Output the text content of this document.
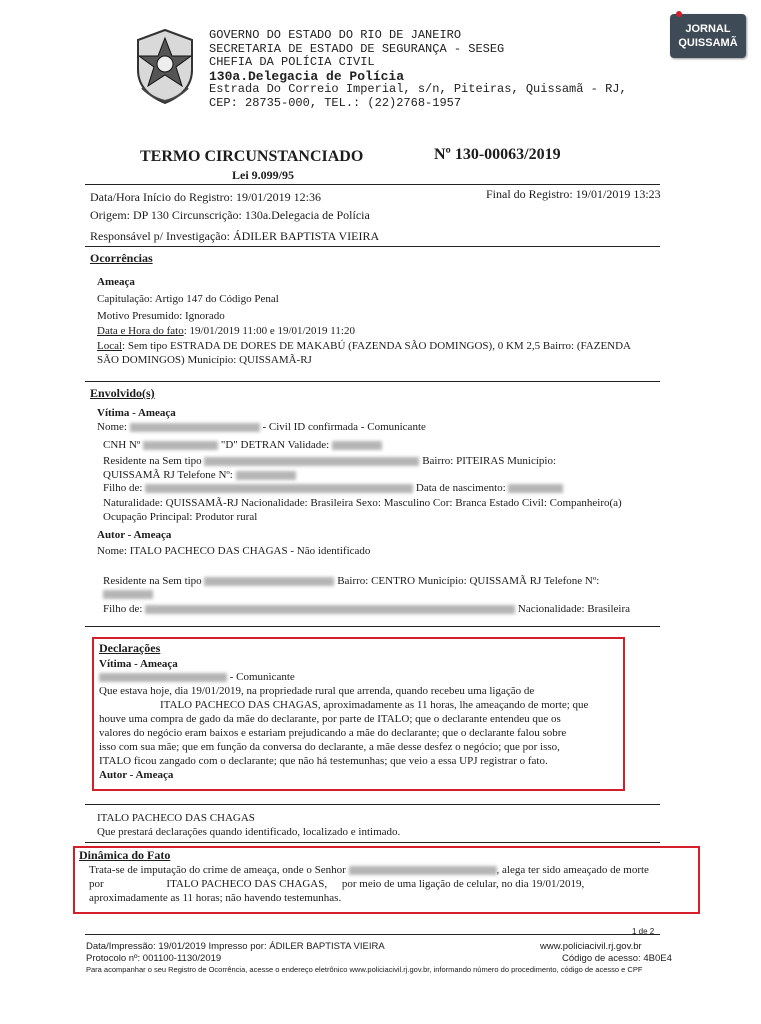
GOVERNO DO ESTADO DO RIO DE JANEIRO
SECRETARIA DE ESTADO DE SEGURANÇA - SESEG
CHEFIA DA POLÍCIA CIVIL
130a.Delegacia de Polícia
Estrada Do Correio Imperial, s/n, Piteiras, Quissamã - RJ,
CEP: 28735-000, TEL.: (22)2768-1957
JORNAL
QUISSAMÃ
TERMO CIRCUNSTANCIADO
Lei 9.099/95
Nº 130-00063/2019
Data/Hora Início do Registro: 19/01/2019 12:36	Final do Registro: 19/01/2019 13:23
Origem: DP 130 Circunscrição: 130a.Delegacia de Polícia
Responsável p/ Investigação: ÁDILER BAPTISTA VIEIRA
Ocorrências
Ameaça
Capitulação: Artigo 147 do Código Penal
Motivo Presumido: Ignorado
Data e Hora do fato: 19/01/2019 11:00 e 19/01/2019 11:20
Local: Sem tipo ESTRADA DE DORES DE MAKABÚ (FAZENDA SÃO DOMINGOS), 0 KM 2,5 Bairro: (FAZENDA
SÃO DOMINGOS) Município: QUISSAMÃ-RJ
Envolvido(s)
Vítima - Ameaça
Nome:	- Civil ID confirmada - Comunicante
CNH Nº	"D" DETRAN Validade:
Residente na Sem tipo	Bairro: PITEIRAS Município:
QUISSAMÃ RJ Telefone Nº:
Filho de:	Data de nascimento:
Naturalidade: QUISSAMÃ-RJ Nacionalidade: Brasileira Sexo: Masculino Cor: Branca Estado Civil: Companheiro(a)
Ocupação Principal: Produtor rural
Autor - Ameaça
Nome: ITALO PACHECO DAS CHAGAS - Não identificado
Residente na Sem tipo	Bairro: CENTRO Município: QUISSAMÃ RJ Telefone Nº:
Filho de:	Nacionalidade: Brasileira
Declarações
Vítima - Ameaça
- Comunicante
Que estava hoje, dia 19/01/2019, na propriedade rural que arrenda, quando recebeu uma ligação de
ITALO PACHECO DAS CHAGAS, aproximadamente as 11 horas, lhe ameaçando de morte; que
houve uma compra de gado da mãe do declarante, por parte de ITALO; que o declarante entendeu que os
valores do negócio eram baixos e estariam prejudicando a mãe do declarante; que o declarante falou sobre
isso com sua mãe; que em função da conversa do declarante, a mãe desse desfez o negócio; que por isso,
ITALO ficou zangado com o declarante; que não há testemunhas; que veio a essa UPJ registrar o fato.
Autor - Ameaça
ITALO PACHECO DAS CHAGAS
Que prestará declarações quando identificado, localizado e intimado.
Dinâmica do Fato
Trata-se de imputação do crime de ameaça, onde o Senhor	, alega ter sido ameaçado de morte
por	ITALO PACHECO DAS CHAGAS, por meio de uma ligação de celular, no dia 19/01/2019,
aproximadamente as 11 horas; não havendo testemunhas.
1 de 2
Data/Impressão: 19/01/2019 Impresso por: ÁDILER BAPTISTA VIEIRA	www.policiacivil.rj.gov.br
Protocolo nº: 001100-1130/2019	Código de acesso: 4B0E4
Para acompanhar o seu Registro de Ocorrência, acesse o endereço eletrônico www.policiacivil.rj.gov.br, informando número do procedimento, código de acesso e CPF
